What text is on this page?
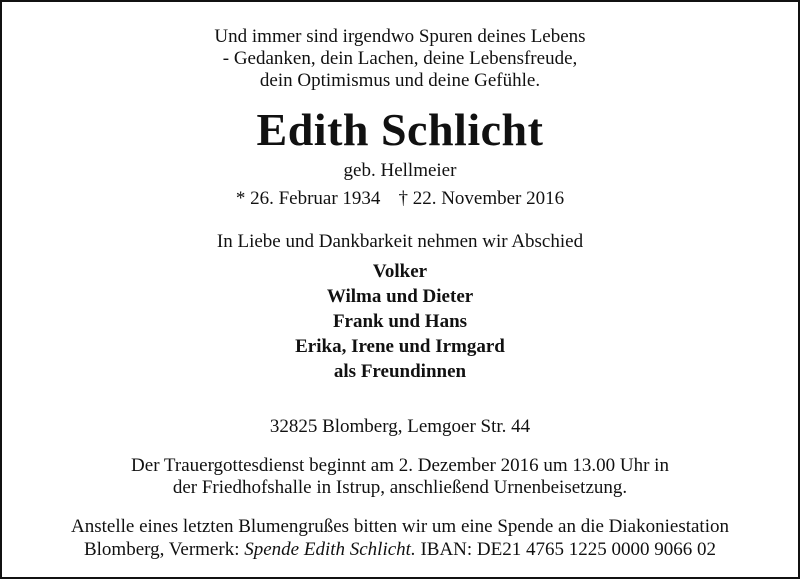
Und immer sind irgendwo Spuren deines Lebens
- Gedanken, dein Lachen, deine Lebensfreude,
dein Optimismus und deine Gefühle.
Edith Schlicht
geb. Hellmeier
* 26. Februar 1934 † 22. November 2016
In Liebe und Dankbarkeit nehmen wir Abschied
Volker
Wilma und Dieter
Frank und Hans
Erika, Irene und Irmgard
als Freundinnen
32825 Blomberg, Lemgoer Str. 44
Der Trauergottesdienst beginnt am 2. Dezember 2016 um 13.00 Uhr in
der Friedhofshalle in Istrup, anschließend Urnenbeisetzung.
Anstelle eines letzten Blumengrußes bitten wir um eine Spende an die Diakoniestation
Blomberg, Vermerk: Spende Edith Schlicht. IBAN: DE21 4765 1225 0000 9066 02
